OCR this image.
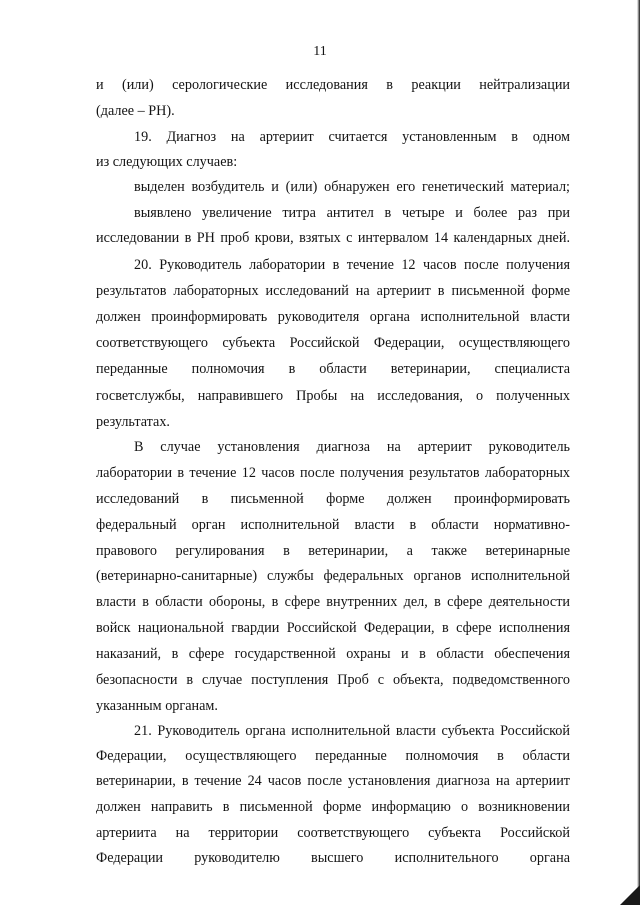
11
и (или) серологические исследования в реакции нейтрализации
(далее – РН).
19. Диагноз на артериит считается установленным в одном
из следующих случаев:
выделен возбудитель и (или) обнаружен его генетический материал;
выявлено увеличение титра антител в четыре и более раз при
исследовании в РН проб крови, взятых с интервалом 14 календарных дней.
20. Руководитель лаборатории в течение 12 часов после получения
результатов лабораторных исследований на артериит в письменной форме
должен проинформировать руководителя органа исполнительной власти
соответствующего субъекта Российской Федерации, осуществляющего
переданные полномочия в области ветеринарии, специалиста
госветслужбы, направившего Пробы на исследования, о полученных
результатах.
В случае установления диагноза на артериит руководитель
лаборатории в течение 12 часов после получения результатов лабораторных
исследований в письменной форме должен проинформировать
федеральный орган исполнительной власти в области нормативно-
правового регулирования в ветеринарии, а также ветеринарные
(ветеринарно-санитарные) службы федеральных органов исполнительной
власти в области обороны, в сфере внутренних дел, в сфере деятельности
войск национальной гвардии Российской Федерации, в сфере исполнения
наказаний, в сфере государственной охраны и в области обеспечения
безопасности в случае поступления Проб с объекта, подведомственного
указанным органам.
21. Руководитель органа исполнительной власти субъекта Российской
Федерации, осуществляющего переданные полномочия в области
ветеринарии, в течение 24 часов после установления диагноза на артериит
должен направить в письменной форме информацию о возникновении
артериита на территории соответствующего субъекта Российской
Федерации руководителю высшего исполнительного органа
